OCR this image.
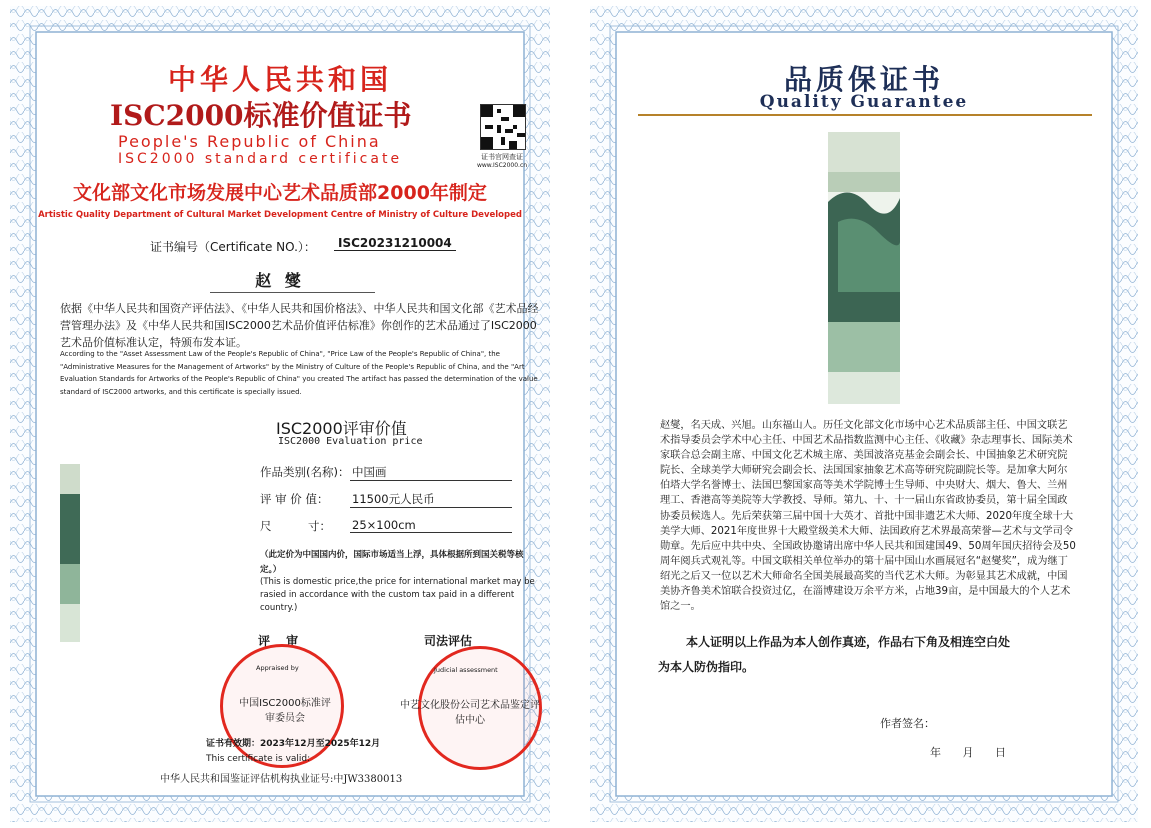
中华人民共和国
ISC2000标准价值证书
People's Republic of China
ISC2000 standard certificate	证书官网查证
www.ISC2000.cn
文化部文化市场发展中心艺术品质部2000年制定
Artistic Quality Department of Cultural Market Development Centre of Ministry of Culture Developed
证书编号（Certificate NO.）：	ISC20231210004
赵 燮
依据《中华人民共和国资产评估法》、《中华人民共和国价格法》、中华人民共和国文化部《艺术品经营管理办法》及《中华人民共和国ISC2000艺术品价值评估标准》你创作的艺术品通过了ISC2000艺术品价值标准认定，特颁布发本证。
According to the "Asset Assessment Law of the People's Republic of China", "Price Law of the People's Republic of China", the "Administrative Measures for the Management of Artworks" by the Ministry of Culture of the People's Republic of China, and the "Art Evaluation Standards for Artworks of the People's Republic of China" you created The artifact has passed the determination of the value standard of ISC2000 artworks, and this certificate is specially issued.
ISC2000评审价值
ISC2000 Evaluation price
作品类别(名称)： 中国画
评 审 价 值： 11500元人民币
尺          寸： 25×100cm
（此定价为中国国内价，国际市场适当上浮，具体根据所到国关税等核定。）
(This is domestic price,the price for international market may be rasied in accordance with the custom tax paid in a different country.)
评 审	司法评估
Appraised by	Judicial assessment
中国ISC2000标准评审委员会
中艺文化股份公司艺术品鉴定评估中心
证书有效期：2023年12月至2025年12月
This certificate is valid:
中华人民共和国鉴证评估机构执业证号:中JW3380013
品质保证书
Quality Guarantee
赵燮，名天成、兴旭。山东福山人。历任文化部文化市场中心艺术品质部主任、中国文联艺术指导委员会学术中心主任、中国艺术品指数监测中心主任、《收藏》杂志理事长、国际美术家联合总会副主席、中国文化艺术城主席、美国波洛克基金会副会长、中国抽象艺术研究院院长、全球美学大师研究会副会长、法国国家抽象艺术高等研究院副院长等。是加拿大阿尔伯塔大学名誉博士、法国巴黎国家高等美术学院博士生导师、中央财大、烟大、鲁大、兰州理工、香港高等美院等大学教授、导师。第九、十、十一届山东省政协委员，第十届全国政协委员候选人。先后荣获第三届中国十大英才、首批中国非遗艺术大师、2020年度全球十大美学大师、2021年度世界十大殿堂级美术大师、法国政府艺术界最高荣誉—艺术与文学司令勋章。先后应中共中央、全国政协邀请出席中华人民共和国建国49、50周年国庆招待会及50周年阅兵式观礼等。中国文联相关单位举办的第十届中国山水画展冠名“赵燮奖”，成为继丁绍光之后又一位以艺术大师命名全国美展最高奖的当代艺术大师。为彰显其艺术成就，中国美协齐鲁美术馆联合投资过亿，在淄博建设万余平方米，占地39亩，是中国最大的个人艺术馆之一。
本人证明以上作品为本人创作真迹，作品右下角及相连空白处
为本人防伪指印。
作者签名：
年 月 日
